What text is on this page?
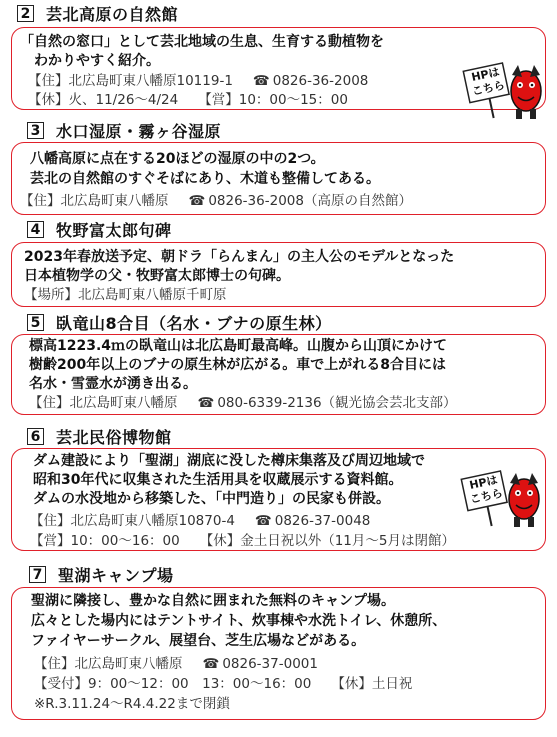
2 芸北高原の自然館
「自然の窓口」として芸北地域の生息、生育する動植物を
わかりやすく紹介。
【住】北広島町東八幡原10119-1 ☎ 0826-36-2008
【休】火、11/26～4/24 【営】10：00～15：00
HPは
こちら
3 水口湿原・霧ヶ谷湿原
八幡高原に点在する20ほどの湿原の中の2つ。
芸北の自然館のすぐそばにあり、木道も整備してある。
【住】北広島町東八幡原 ☎ 0826-36-2008（高原の自然館）
4 牧野富太郎句碑
2023年春放送予定、朝ドラ「らんまん」の主人公のモデルとなった
日本植物学の父・牧野富太郎博士の句碑。
【場所】北広島町東八幡原千町原
5 臥竜山8合目（名水・ブナの原生林）
標高1223.4ｍの臥竜山は北広島町最高峰。山腹から山頂にかけて
樹齢200年以上のブナの原生林が広がる。車で上がれる8合目には
名水・雪霊水が湧き出る。
【住】北広島町東八幡原 ☎ 080-6339-2136（観光協会芸北支部）
6 芸北民俗博物館
ダム建設により「聖湖」湖底に没した樽床集落及び周辺地域で
昭和30年代に収集された生活用具を収蔵展示する資料館。
ダムの水没地から移築した、「中門造り」の民家も併設。
【住】北広島町東八幡原10870-4 ☎ 0826-37-0048
【営】10：00～16：00 【休】金土日祝以外（11月～5月は閉館）
HPは
こちら
7 聖湖キャンプ場
聖湖に隣接し、豊かな自然に囲まれた無料のキャンプ場。
広々とした場内にはテントサイト、炊事棟や水洗トイレ、休憩所、
ファイヤーサークル、展望台、芝生広場などがある。
【住】北広島町東八幡原 ☎ 0826-37-0001
【受付】9：00～12：00　13：00～16：00 【休】土日祝
※R.3.11.24～R4.4.22まで閉鎖
